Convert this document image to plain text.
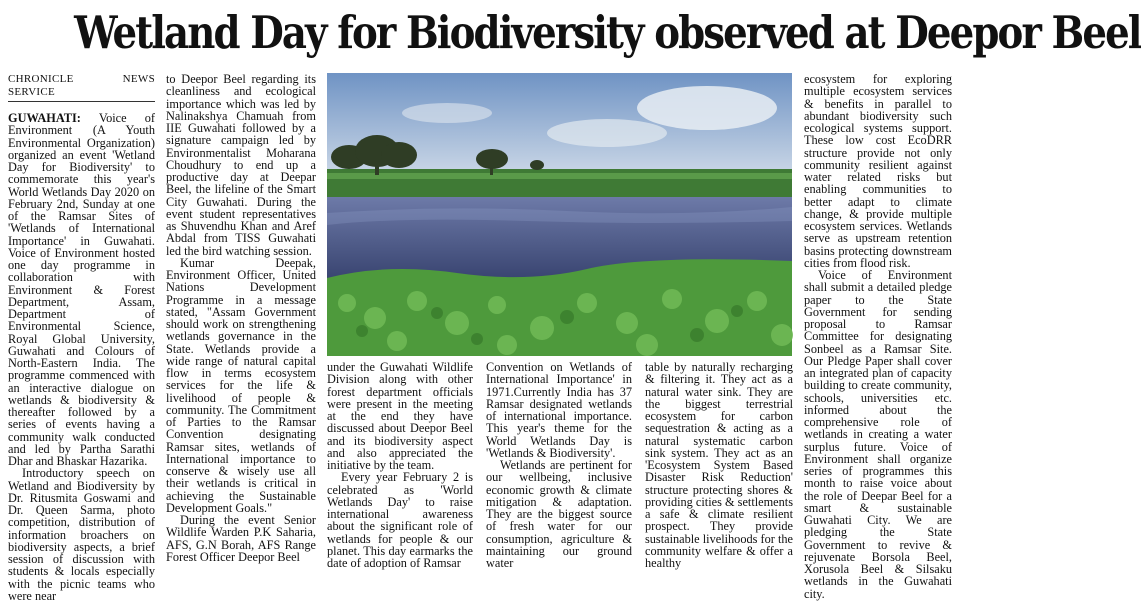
Wetland Day for Biodiversity observed at Deepor Beel
CHRONICLE NEWS SERVICE

GUWAHATI: Voice of Environment (A Youth Environmental Organization) organized an event 'Wetland Day for Biodiversity' to commemorate this year's World Wetlands Day 2020 on February 2nd, Sunday at one of the Ramsar Sites of 'Wetlands of International Importance' in Guwahati. Voice of Environment hosted one day programme in collaboration with Environment & Forest Department, Assam, Department of Environmental Science, Royal Global University, Guwahati and Colours of North-Eastern India. The programme commenced with an interactive dialogue on wetlands & biodiversity & thereafter followed by a series of events having a community walk conducted and led by Partha Sarathi Dhar and Bhaskar Hazarika.

Introductory speech on Wetland and Biodiversity by Dr. Ritusmita Goswami and Dr. Queen Sarma, photo competition, distribution of information broachers on biodiversity aspects, a brief session of discussion with students & locals especially with the picnic teams who were near

to Deepor Beel regarding its cleanliness and ecological importance which was led by Nalinakshya Chamuah from IIE Guwahati followed by a signature campaign led by Environmentalist Moharana Choudhury to end up a productive day at Deepar Beel, the lifeline of the Smart City Guwahati. During the event student representatives as Shuvendhu Khan and Aref Abdal from TISS Guwahati led the bird watching session.

Kumar Deepak, Environment Officer, United Nations Development Programme in a message stated, "Assam Government should work on strengthening wetlands governance in the State. Wetlands provide a wide range of natural capital flow in terms ecosystem services for the life & livelihood of people & community. The Commitment of Parties to the Ramsar Convention designating Ramsar sites, wetlands of International importance to conserve & wisely use all their wetlands is critical in achieving the Sustainable Development Goals."

During the event Senior Wildlife Warden P.K Saharia, AFS, G.N Borah, AFS Range Forest Officer Deepor Beel

under the Guwahati Wildlife Division along with other forest department officials were present in the meeting at the end they have discussed about Deepor Beel and its biodiversity aspect and also appreciated the initiative by the team.

Every year February 2 is celebrated as 'World Wetlands Day' to raise international awareness about the significant role of wetlands for people & our planet. This day earmarks the date of adoption of Ramsar

Convention on Wetlands of International Importance' in 1971.Currently India has 37 Ramsar designated wetlands of international importance. This year's theme for the World Wetlands Day is 'Wetlands & Biodiversity'.

Wetlands are pertinent for our wellbeing, inclusive economic growth & climate mitigation & adaptation. They are the biggest source of fresh water for our consumption, agriculture & maintaining our ground water

table by naturally recharging & filtering it. They act as a natural water sink. They are the biggest terrestrial ecosystem for carbon sequestration & acting as a natural systematic carbon sink system. They act as an 'Ecosystem System Based Disaster Risk Reduction' structure protecting shores & providing cities & settlements a safe & climate resilient prospect. They provide sustainable livelihoods for the community welfare & offer a healthy

ecosystem for exploring multiple ecosystem services & benefits in parallel to abundant biodiversity such ecological systems support. These low cost EcoDRR structure provide not only community resilient against water related risks but enabling communities to better adapt to climate change, & provide multiple ecosystem services. Wetlands serve as upstream retention basins protecting downstream cities from flood risk.

Voice of Environment shall submit a detailed pledge paper to the State Government for sending proposal to Ramsar Committee for designating Sonbeel as a Ramsar Site. Our Pledge Paper shall cover an integrated plan of capacity building to create community, schools, universities etc. informed about the comprehensive role of wetlands in creating a water surplus future. Voice of Environment shall organize series of programmes this month to raise voice about the role of Deepar Beel for a smart & sustainable Guwahati City. We are pledging the State Government to revive & rejuvenate Borsola Beel, Xorusola Beel & Silsaku wetlands in the Guwahati city.
